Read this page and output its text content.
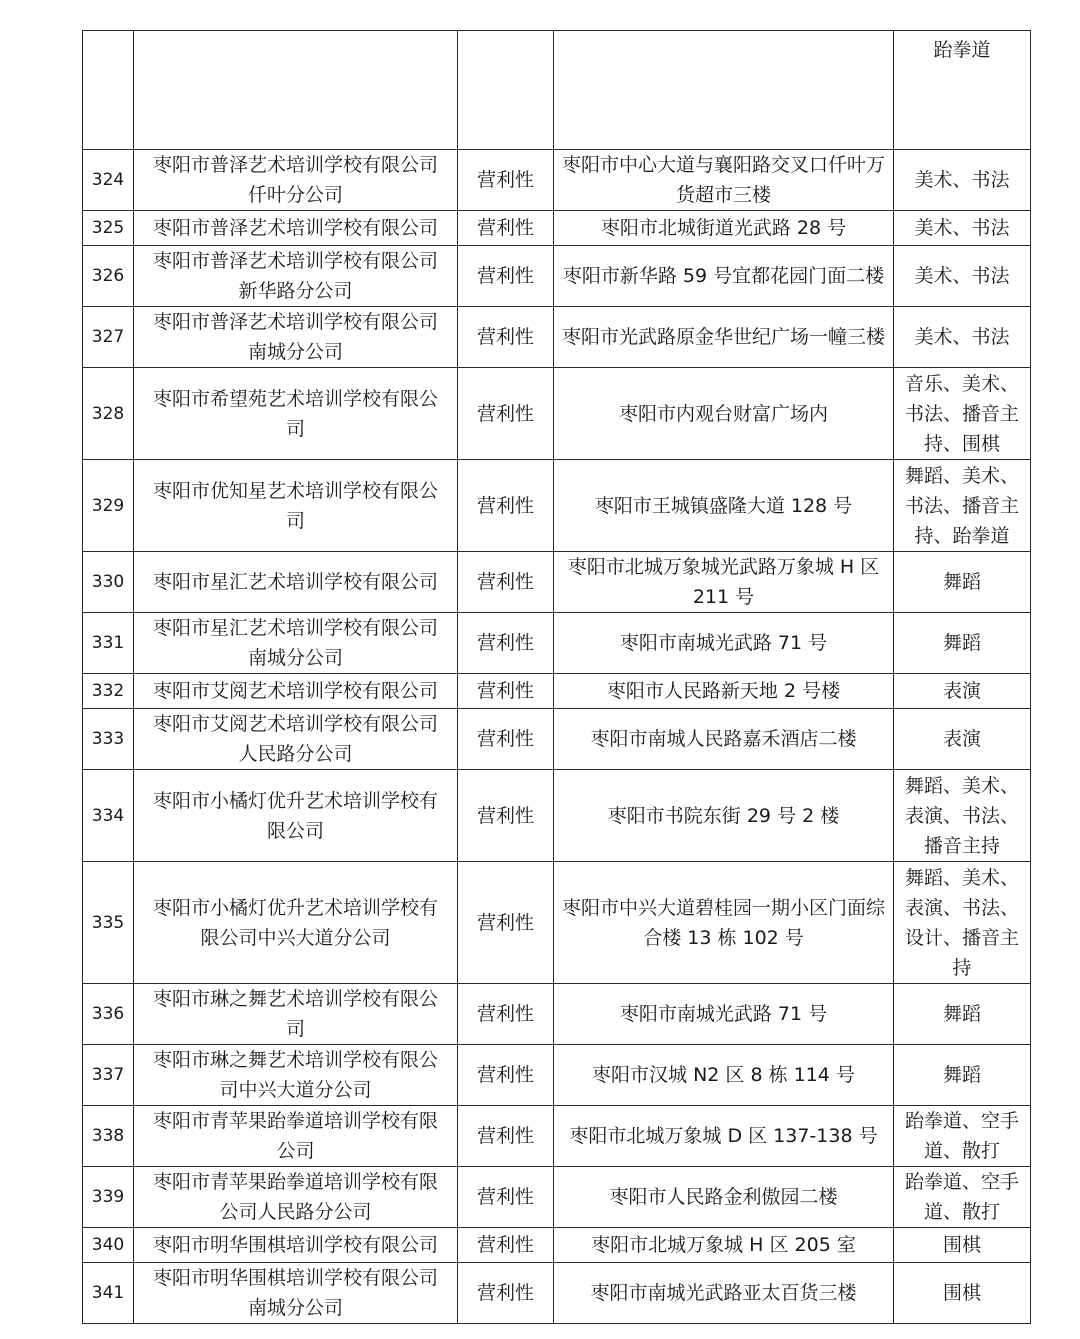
				跆拳道
324	枣阳市普泽艺术培训学校有限公司仟叶分公司	营利性	枣阳市中心大道与襄阳路交叉口仟叶万货超市三楼	美术、书法
325	枣阳市普泽艺术培训学校有限公司	营利性	枣阳市北城街道光武路 28 号	美术、书法
326	枣阳市普泽艺术培训学校有限公司新华路分公司	营利性	枣阳市新华路 59 号宜都花园门面二楼	美术、书法
327	枣阳市普泽艺术培训学校有限公司南城分公司	营利性	枣阳市光武路原金华世纪广场一幢三楼	美术、书法
328	枣阳市希望苑艺术培训学校有限公司	营利性	枣阳市内观台财富广场内	音乐、美术、书法、播音主持、围棋
329	枣阳市优知星艺术培训学校有限公司	营利性	枣阳市王城镇盛隆大道 128 号	舞蹈、美术、书法、播音主持、跆拳道
330	枣阳市星汇艺术培训学校有限公司	营利性	枣阳市北城万象城光武路万象城 H 区 211 号	舞蹈
331	枣阳市星汇艺术培训学校有限公司南城分公司	营利性	枣阳市南城光武路 71 号	舞蹈
332	枣阳市艾阅艺术培训学校有限公司	营利性	枣阳市人民路新天地 2 号楼	表演
333	枣阳市艾阅艺术培训学校有限公司人民路分公司	营利性	枣阳市南城人民路嘉禾酒店二楼	表演
334	枣阳市小橘灯优升艺术培训学校有限公司	营利性	枣阳市书院东街 29 号 2 楼	舞蹈、美术、表演、书法、播音主持
335	枣阳市小橘灯优升艺术培训学校有限公司中兴大道分公司	营利性	枣阳市中兴大道碧桂园一期小区门面综合楼 13 栋 102 号	舞蹈、美术、表演、书法、设计、播音主持
336	枣阳市琳之舞艺术培训学校有限公司	营利性	枣阳市南城光武路 71 号	舞蹈
337	枣阳市琳之舞艺术培训学校有限公司中兴大道分公司	营利性	枣阳市汉城 N2 区 8 栋 114 号	舞蹈
338	枣阳市青苹果跆拳道培训学校有限公司	营利性	枣阳市北城万象城 D 区 137-138 号	跆拳道、空手道、散打
339	枣阳市青苹果跆拳道培训学校有限公司人民路分公司	营利性	枣阳市人民路金利傲园二楼	跆拳道、空手道、散打
340	枣阳市明华围棋培训学校有限公司	营利性	枣阳市北城万象城 H 区 205 室	围棋
341	枣阳市明华围棋培训学校有限公司南城分公司	营利性	枣阳市南城光武路亚太百货三楼	围棋
